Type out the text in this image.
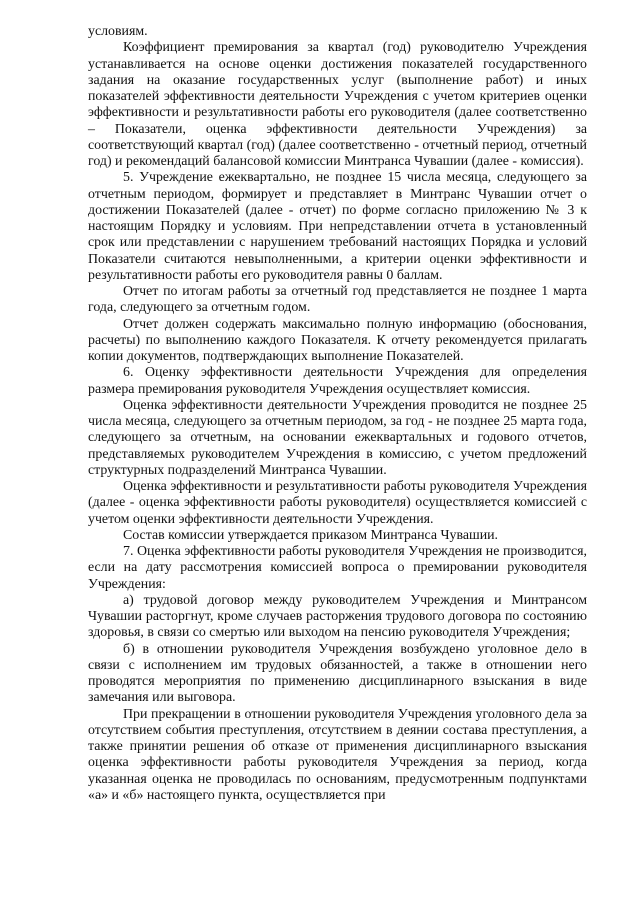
условиям.

Коэффициент премирования за квартал (год) руководителю Учреждения устанавливается на основе оценки достижения показателей государственного задания на оказание государственных услуг (выполнение работ) и иных показателей эффективности деятельности Учреждения с учетом критериев оценки эффективности и результативности работы его руководителя (далее соответственно – Показатели, оценка эффективности деятельности Учреждения) за соответствующий квартал (год) (далее соответственно - отчетный период, отчетный год) и рекомендаций балансовой комиссии Минтранса Чувашии (далее - комиссия).

5. Учреждение ежеквартально, не позднее 15 числа месяца, следующего за отчетным периодом, формирует и представляет в Минтранс Чувашии отчет о достижении Показателей (далее - отчет) по форме согласно приложению № 3 к настоящим Порядку и условиям. При непредставлении отчета в установленный срок или представлении с нарушением требований настоящих Порядка и условий Показатели считаются невыполненными, а критерии оценки эффективности и результативности работы его руководителя равны 0 баллам.

Отчет по итогам работы за отчетный год представляется не позднее 1 марта года, следующего за отчетным годом.

Отчет должен содержать максимально полную информацию (обоснования, расчеты) по выполнению каждого Показателя. К отчету рекомендуется прилагать копии документов, подтверждающих выполнение Показателей.

6. Оценку эффективности деятельности Учреждения для определения размера премирования руководителя Учреждения осуществляет комиссия.

Оценка эффективности деятельности Учреждения проводится не позднее 25 числа месяца, следующего за отчетным периодом, за год - не позднее 25 марта года, следующего за отчетным, на основании ежеквартальных и годового отчетов, представляемых руководителем Учреждения в комиссию, с учетом предложений структурных подразделений Минтранса Чувашии.

Оценка эффективности и результативности работы руководителя Учреждения (далее - оценка эффективности работы руководителя) осуществляется комиссией с учетом оценки эффективности деятельности Учреждения.

Состав комиссии утверждается приказом Минтранса Чувашии.

7. Оценка эффективности работы руководителя Учреждения не производится, если на дату рассмотрения комиссией вопроса о премировании руководителя Учреждения:

а) трудовой договор между руководителем Учреждения и Минтрансом Чувашии расторгнут, кроме случаев расторжения трудового договора по состоянию здоровья, в связи со смертью или выходом на пенсию руководителя Учреждения;

б) в отношении руководителя Учреждения возбуждено уголовное дело в связи с исполнением им трудовых обязанностей, а также в отношении него проводятся мероприятия по применению дисциплинарного взыскания в виде замечания или выговора.

При прекращении в отношении руководителя Учреждения уголовного дела за отсутствием события преступления, отсутствием в деянии состава преступления, а также принятии решения об отказе от применения дисциплинарного взыскания оценка эффективности работы руководителя Учреждения за период, когда указанная оценка не проводилась по основаниям, предусмотренным подпунктами «а» и «б» настоящего пункта, осуществляется при
